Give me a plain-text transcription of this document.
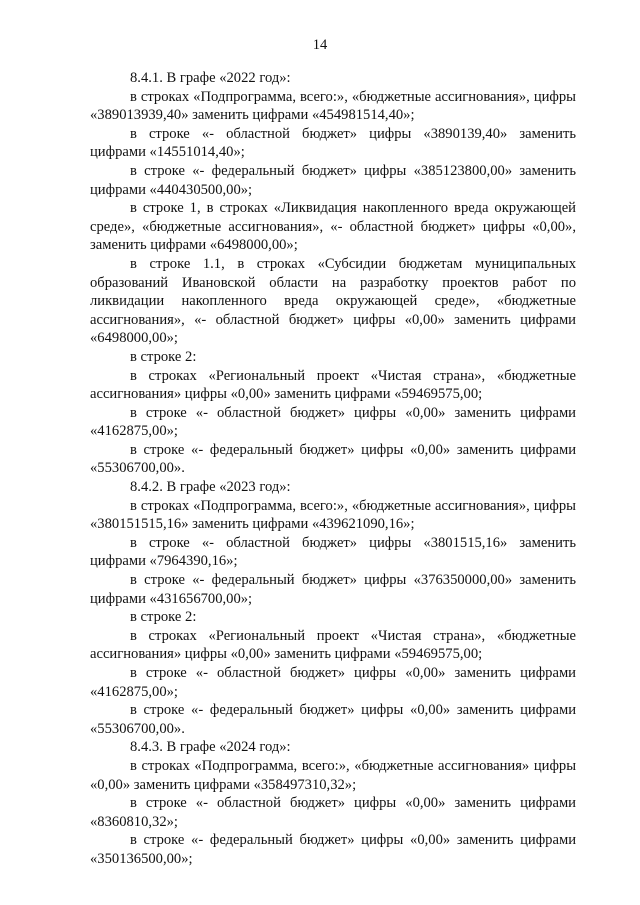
14

8.4.1. В графе «2022 год»:

в строках «Подпрограмма, всего:», «бюджетные ассигнования», цифры «389013939,40» заменить цифрами «454981514,40»;

в строке «- областной бюджет» цифры «3890139,40» заменить цифрами «14551014,40»;

в строке «- федеральный бюджет» цифры «385123800,00» заменить цифрами «440430500,00»;

в строке 1, в строках «Ликвидация накопленного вреда окружающей среде», «бюджетные ассигнования», «- областной бюджет» цифры «0,00», заменить цифрами «6498000,00»;

в строке 1.1, в строках «Субсидии бюджетам муниципальных образований Ивановской области на разработку проектов работ по ликвидации накопленного вреда окружающей среде», «бюджетные ассигнования», «- областной бюджет» цифры «0,00» заменить цифрами «6498000,00»;

в строке 2:

в строках «Региональный проект «Чистая страна», «бюджетные ассигнования» цифры «0,00» заменить цифрами «59469575,00;

в строке «- областной бюджет» цифры «0,00» заменить цифрами «4162875,00»;

в строке «- федеральный бюджет» цифры «0,00» заменить цифрами «55306700,00».

8.4.2. В графе «2023 год»:

в строках «Подпрограмма, всего:», «бюджетные ассигнования», цифры «380151515,16» заменить цифрами «439621090,16»;

в строке «- областной бюджет» цифры «3801515,16» заменить цифрами «7964390,16»;

в строке «- федеральный бюджет» цифры «376350000,00» заменить цифрами «431656700,00»;

в строке 2:

в строках «Региональный проект «Чистая страна», «бюджетные ассигнования» цифры «0,00» заменить цифрами «59469575,00;

в строке «- областной бюджет» цифры «0,00» заменить цифрами «4162875,00»;

в строке «- федеральный бюджет» цифры «0,00» заменить цифрами «55306700,00».

8.4.3. В графе «2024 год»:

в строках «Подпрограмма, всего:», «бюджетные ассигнования» цифры «0,00» заменить цифрами «358497310,32»;

в строке «- областной бюджет» цифры «0,00» заменить цифрами «8360810,32»;

в строке «- федеральный бюджет» цифры «0,00» заменить цифрами «350136500,00»;
